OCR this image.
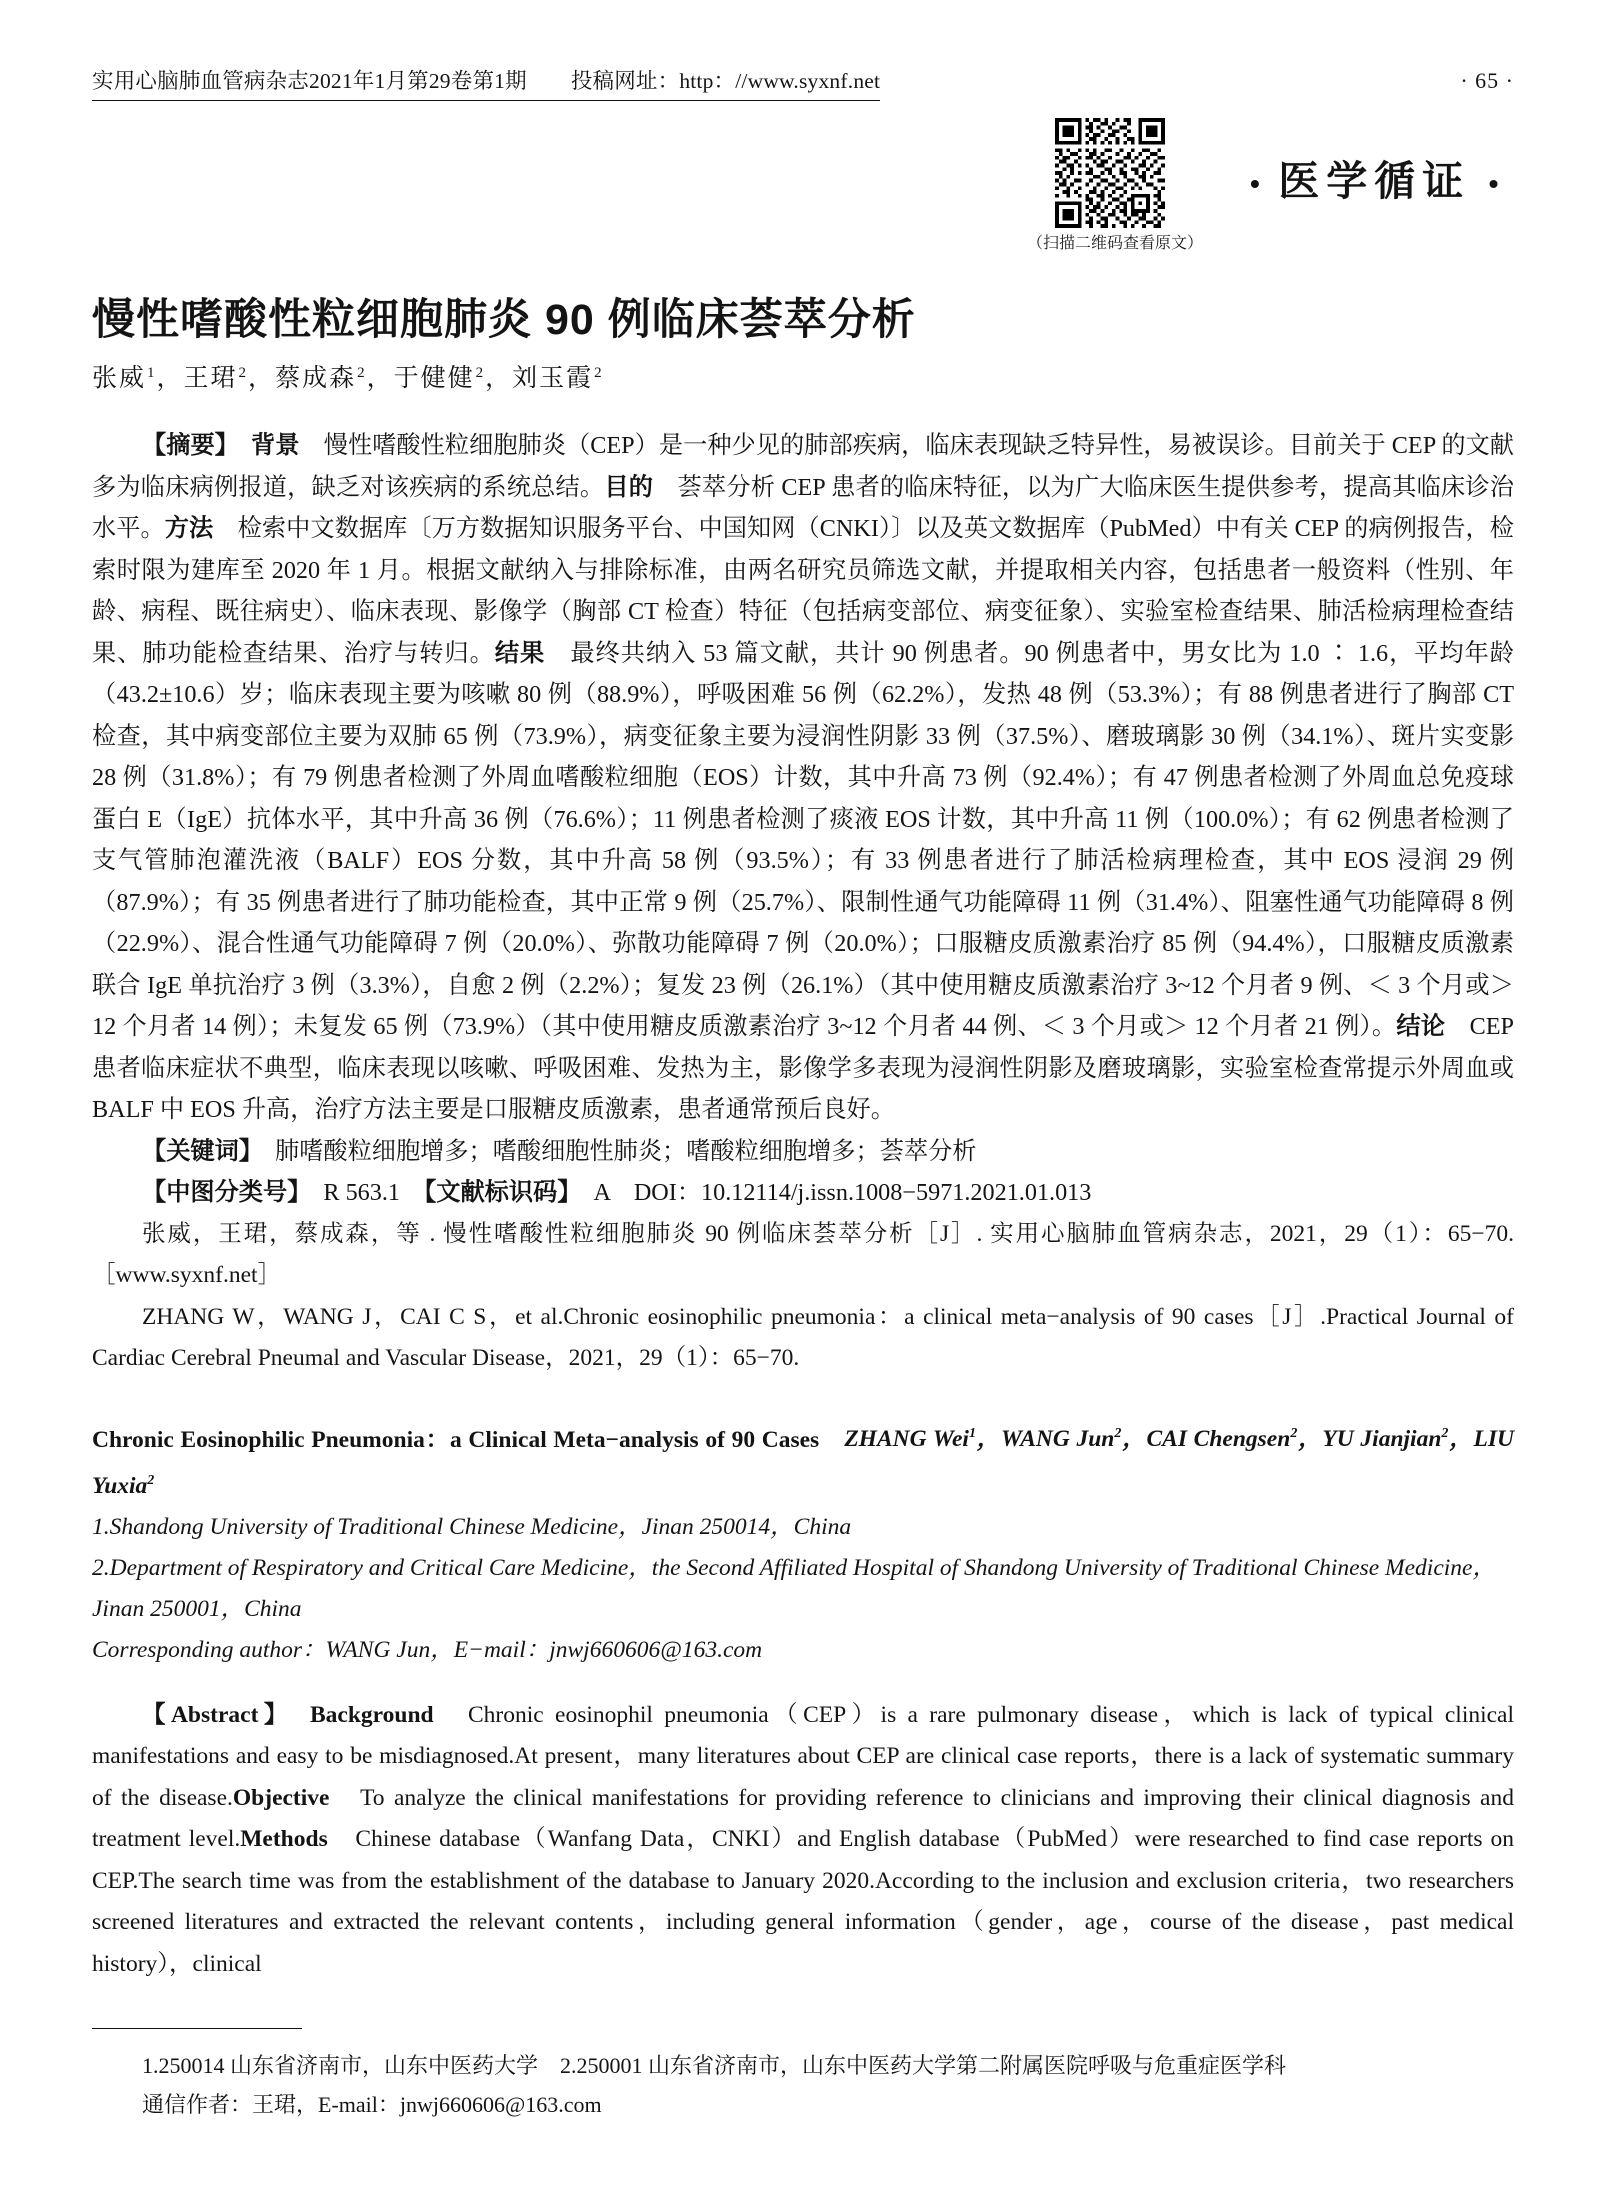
实用心脑肺血管病杂志2021年1月第29卷第1期 投稿网址：http：//www.syxnf.net	· 65 ·
（扫描二维码查看原文）
• 医学循证 •
慢性嗜酸性粒细胞肺炎 90 例临床荟萃分析
张威$^1$，王珺$^2$，蔡成森$^2$，于健健$^2$，刘玉霞$^2$

【摘要】　 背景　慢性嗜酸性粒细胞肺炎（CEP）是一种少见的肺部疾病，临床表现缺乏特异性，易被误诊。目前关于 CEP 的文献多为临床病例报道，缺乏对该疾病的系统总结。目的　荟萃分析 CEP 患者的临床特征，以为广大临床医生提供参考，提高其临床诊治水平。方法　检索中文数据库〔万方数据知识服务平台、中国知网（CNKI）〕以及英文数据库（PubMed）中有关 CEP 的病例报告，检索时限为建库至 2020 年 1 月。根据文献纳入与排除标准，由两名研究员筛选文献，并提取相关内容，包括患者一般资料（性别、年龄、病程、既往病史）、临床表现、影像学（胸部 CT 检查）特征（包括病变部位、病变征象）、实验室检查结果、肺活检病理检查结果、肺功能检查结果、治疗与转归。结果　最终共纳入 53 篇文献，共计 90 例患者。90 例患者中，男女比为 1.0 ∶ 1.6，平均年龄（43.2±10.6）岁；临床表现主要为咳嗽 80 例（88.9%），呼吸困难 56 例（62.2%），发热 48 例（53.3%）；有 88 例患者进行了胸部 CT 检查，其中病变部位主要为双肺 65 例（73.9%），病变征象主要为浸润性阴影 33 例（37.5%）、磨玻璃影 30 例（34.1%）、斑片实变影 28 例（31.8%）；有 79 例患者检测了外周血嗜酸粒细胞（EOS）计数，其中升高 73 例（92.4%）；有 47 例患者检测了外周血总免疫球蛋白 E（IgE）抗体水平，其中升高 36 例（76.6%）；11 例患者检测了痰液 EOS 计数，其中升高 11 例（100.0%）；有 62 例患者检测了支气管肺泡灌洗液（BALF）EOS 分数，其中升高 58 例（93.5%）；有 33 例患者进行了肺活检病理检查，其中 EOS 浸润 29 例（87.9%）；有 35 例患者进行了肺功能检查，其中正常 9 例（25.7%）、限制性通气功能障碍 11 例（31.4%）、阻塞性通气功能障碍 8 例（22.9%）、混合性通气功能障碍 7 例（20.0%）、弥散功能障碍 7 例（20.0%）；口服糖皮质激素治疗 85 例（94.4%），口服糖皮质激素联合 IgE 单抗治疗 3 例（3.3%），自愈 2 例（2.2%）；复发 23 例（26.1%）（其中使用糖皮质激素治疗 3~12 个月者 9 例、＜ 3 个月或＞ 12 个月者 14 例）；未复发 65 例（73.9%）（其中使用糖皮质激素治疗 3~12 个月者 44 例、＜ 3 个月或＞ 12 个月者 21 例）。结论　CEP 患者临床症状不典型，临床表现以咳嗽、呼吸困难、发热为主，影像学多表现为浸润性阴影及磨玻璃影，实验室检查常提示外周血或 BALF 中 EOS 升高，治疗方法主要是口服糖皮质激素，患者通常预后良好。

【关键词】　肺嗜酸粒细胞增多；嗜酸细胞性肺炎；嗜酸粒细胞增多；荟萃分析

【中图分类号】　R 563.1　【文献标识码】　A　DOI：10.12114/j.issn.1008−5971.2021.01.013

张威，王珺，蔡成森，等 . 慢性嗜酸性粒细胞肺炎 90 例临床荟萃分析［J］. 实用心脑肺血管病杂志，2021，29（1）：65−70.［www.syxnf.net］

ZHANG W，WANG J，CAI C S，et al.Chronic eosinophilic pneumonia：a clinical meta−analysis of 90 cases［J］.Practical Journal of Cardiac Cerebral Pneumal and Vascular Disease，2021，29（1）：65−70.

Chronic Eosinophilic Pneumonia：a Clinical Meta−analysis of 90 Cases　 ZHANG Wei$^1$，WANG Jun$^2$，CAI Chengsen$^2$，YU Jianjian$^2$，LIU Yuxia$^2$
1.Shandong University of Traditional Chinese Medicine，Jinan 250014，China
2.Department of Respiratory and Critical Care Medicine，the Second Affiliated Hospital of Shandong University of Traditional Chinese Medicine，Jinan 250001，China
Corresponding author：WANG Jun，E−mail：jnwj660606@163.com

【Abstract】　 Background　Chronic eosinophil pneumonia（CEP）is a rare pulmonary disease，which is lack of typical clinical manifestations and easy to be misdiagnosed.At present，many literatures about CEP are clinical case reports，there is a lack of systematic summary of the disease.Objective　To analyze the clinical manifestations for providing reference to clinicians and improving their clinical diagnosis and treatment level.Methods　Chinese database（Wanfang Data，CNKI）and English database（PubMed）were researched to find case reports on CEP.The search time was from the establishment of the database to January 2020.According to the inclusion and exclusion criteria，two researchers screened literatures and extracted the relevant contents，including general information（gender，age，course of the disease，past medical history），clinical

1.250014 山东省济南市，山东中医药大学　2.250001 山东省济南市，山东中医药大学第二附属医院呼吸与危重症医学科

通信作者：王珺，E-mail：jnwj660606@163.com
